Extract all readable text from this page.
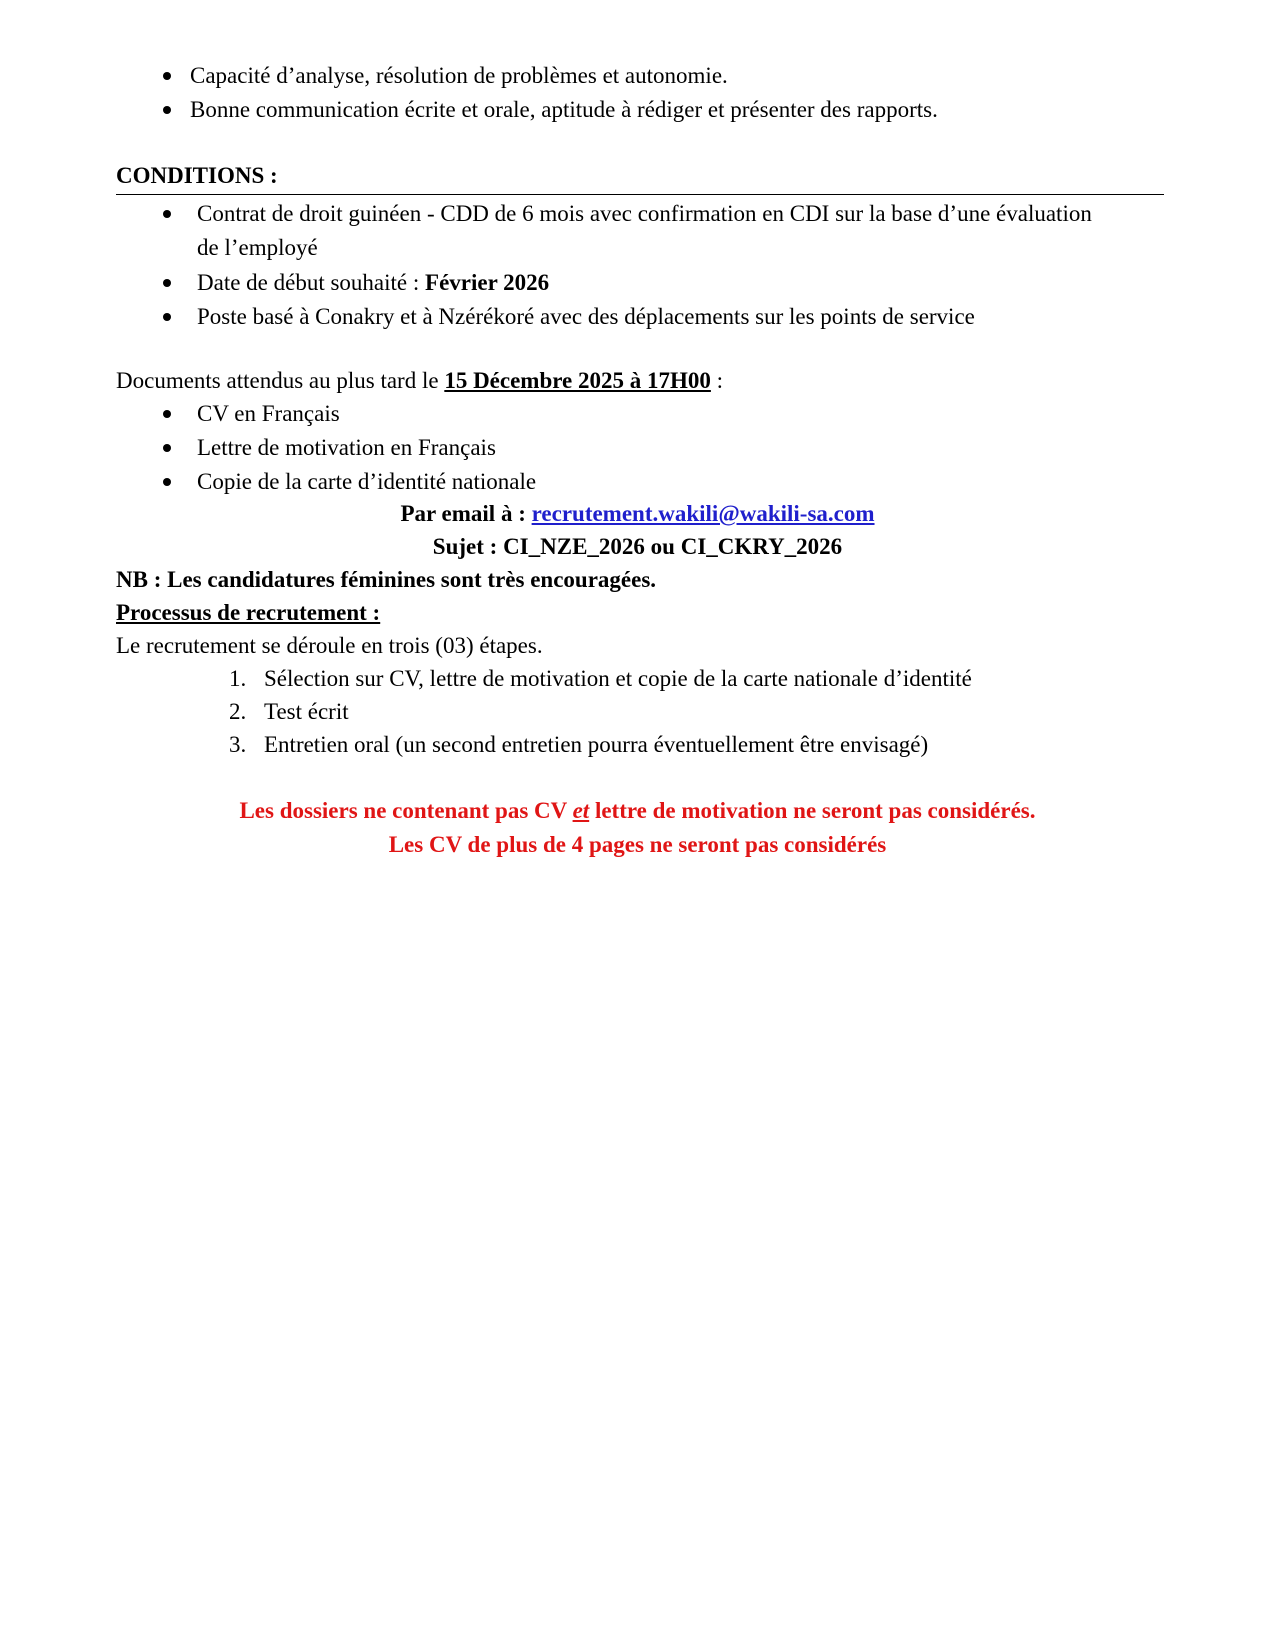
Capacité d’analyse, résolution de problèmes et autonomie.
Bonne communication écrite et orale, aptitude à rédiger et présenter des rapports.
CONDITIONS :
Contrat de droit guinéen - CDD de 6 mois avec confirmation en CDI sur la base d’une évaluation
de l’employé
Date de début souhaité : Février 2026
Poste basé à Conakry et à Nzérékoré avec des déplacements sur les points de service
Documents attendus au plus tard le 15 Décembre 2025 à 17H00 :
CV en Français
Lettre de motivation en Français
Copie de la carte d’identité nationale
Par email à : recrutement.wakili@wakili-sa.com
Sujet : CI_NZE_2026 ou CI_CKRY_2026
NB : Les candidatures féminines sont très encouragées.
Processus de recrutement :
Le recrutement se déroule en trois (03) étapes.
1. Sélection sur CV, lettre de motivation et copie de la carte nationale d’identité
2. Test écrit
3. Entretien oral (un second entretien pourra éventuellement être envisagé)
Les dossiers ne contenant pas CV et lettre de motivation ne seront pas considérés.
Les CV de plus de 4 pages ne seront pas considérés
